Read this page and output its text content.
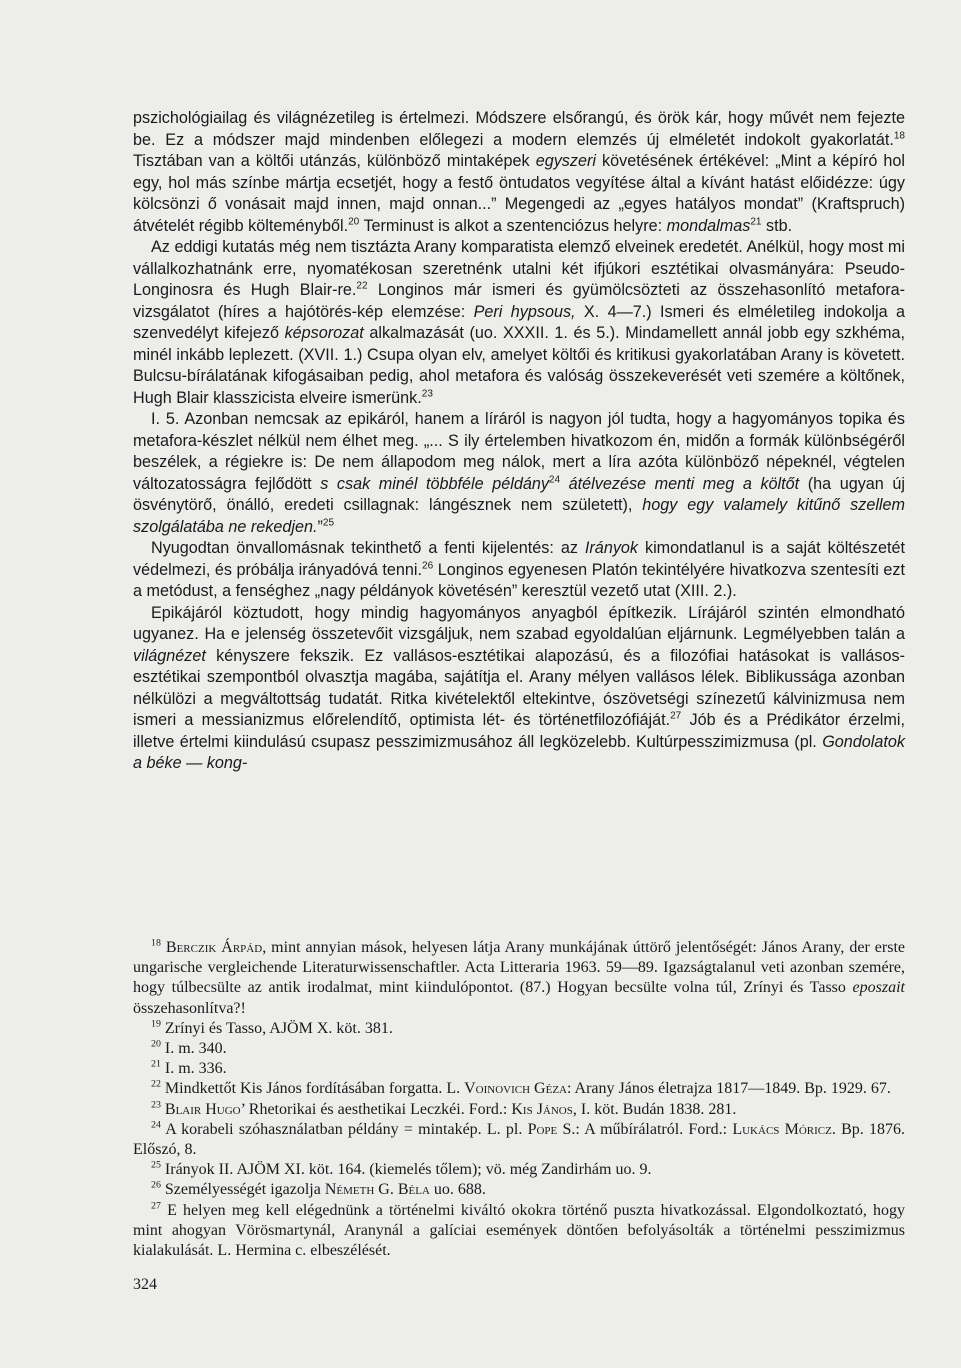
pszichológiailag és világnézetileg is értelmezi. Módszere elsőrangú, és örök kár, hogy művét nem fejezte be. Ez a módszer majd mindenben előlegezi a modern elemzés új elméletét indokolt gyakorlatát.$^{18}$ Tisztában van a költői utánzás, különböző mintaképek egyszeri követésének értékével: „Mint a képíró hol egy, hol más színbe mártja ecsetjét, hogy a festő öntudatos vegyítése által a kívánt hatást előidézze: úgy kölcsönzi ő vonásait majd innen, majd onnan...” Megengedi az „egyes hatályos mondat” (Kraftspruch) átvételét régibb költeményből.$^{20}$ Terminust is alkot a szentenciózus helyre: mondalmas$^{21}$ stb.

Az eddigi kutatás még nem tisztázta Arany komparatista elemző elveinek eredetét. Anélkül, hogy most mi vállalkozhatnánk erre, nyomatékosan szeretnénk utalni két ifjúkori esztétikai olvasmányára: Pseudo-Longinosra és Hugh Blair-re.$^{22}$ Longinos már ismeri és gyümölcsözteti az összehasonlító metafora-vizsgálatot (híres a hajótörés-kép elemzése: Peri hypsous, X. 4—7.) Ismeri és elméletileg indokolja a szenvedélyt kifejező képsorozat alkalmazását (uo. XXXII. 1. és 5.). Mindamellett annál jobb egy szkhéma, minél inkább leplezett. (XVII. 1.) Csupa olyan elv, amelyet költői és kritikusi gyakorlatában Arany is követett. Bulcsu-bírálatának kifogásaiban pedig, ahol metafora és valóság összekeverését veti szemére a költőnek, Hugh Blair klasszicista elveire ismerünk.$^{23}$

I. 5. Azonban nemcsak az epikáról, hanem a líráról is nagyon jól tudta, hogy a hagyományos topika és metafora-készlet nélkül nem élhet meg. „... S ily értelemben hivatkozom én, midőn a formák különbségéről beszélek, a régiekre is: De nem állapodom meg nálok, mert a líra azóta különböző népeknél, végtelen változatosságra fejlődött s csak minél többféle példány$^{24}$ átélvezése menti meg a költőt (ha ugyan új ösvénytörő, önálló, eredeti csillagnak: lángésznek nem született), hogy egy valamely kitűnő szellem szolgálatába ne rekedjen.”$^{25}$

Nyugodtan önvallomásnak tekinthető a fenti kijelentés: az Irányok kimondatlanul is a saját költészetét védelmezi, és próbálja irányadóvá tenni.$^{26}$ Longinos egyenesen Platón tekintélyére hivatkozva szentesíti ezt a metódust, a fenséghez „nagy példányok követésén” keresztül vezető utat (XIII. 2.).

Epikájáról köztudott, hogy mindig hagyományos anyagból építkezik. Lírájáról szintén elmondható ugyanez. Ha e jelenség összetevőit vizsgáljuk, nem szabad egyoldalúan eljárnunk. Legmélyebben talán a világnézet kényszere fekszik. Ez vallásos-esztétikai alapozású, és a filozófiai hatásokat is vallásos-esztétikai szempontból olvasztja magába, sajátítja el. Arany mélyen vallásos lélek. Biblikussága azonban nélkülözi a megváltottság tudatát. Ritka kivételektől eltekintve, ószövetségi színezetű kálvinizmusa nem ismeri a messianizmus előrelendítő, optimista lét- és történetfilozófiáját.$^{27}$ Jób és a Prédikátor érzelmi, illetve értelmi kiindulású csupasz pesszimizmusához áll legközelebb. Kultúrpesszimizmusa (pl. Gondolatok a béke — kong-

$^{18}$ Berczik Árpád, mint annyian mások, helyesen látja Arany munkájának úttörő jelentőségét: János Arany, der erste ungarische vergleichende Literaturwissenschaftler. Acta Litteraria 1963. 59—89. Igazságtalanul veti azonban szemére, hogy túlbecsülte az antik irodalmat, mint kiindulópontot. (87.) Hogyan becsülte volna túl, Zrínyi és Tasso eposzait összehasonlítva?!

$^{19}$ Zrínyi és Tasso, AJÖM X. köt. 381.

$^{20}$ I. m. 340.

$^{21}$ I. m. 336.

$^{22}$ Mindkettőt Kis János fordításában forgatta. L. Voinovich Géza: Arany János életrajza 1817—1849. Bp. 1929. 67.

$^{23}$ Blair Hugo’ Rhetorikai és aesthetikai Leczkéi. Ford.: Kis János, I. köt. Budán 1838. 281.

$^{24}$ A korabeli szóhasználatban példány = mintakép. L. pl. Pope S.: A műbírálatról. Ford.: Lukács Móricz. Bp. 1876. Előszó, 8.

$^{25}$ Irányok II. AJÖM XI. köt. 164. (kiemelés tőlem); vö. még Zandirhám uo. 9.

$^{26}$ Személyességét igazolja Németh G. Béla uo. 688.

$^{27}$ E helyen meg kell elégednünk a történelmi kiváltó okokra történő puszta hivatkozással. Elgondolkoztató, hogy mint ahogyan Vörösmartynál, Aranynál a galíciai események döntően befolyásolták a történelmi pesszimizmus kialakulását. L. Hermina c. elbeszélését.

324
